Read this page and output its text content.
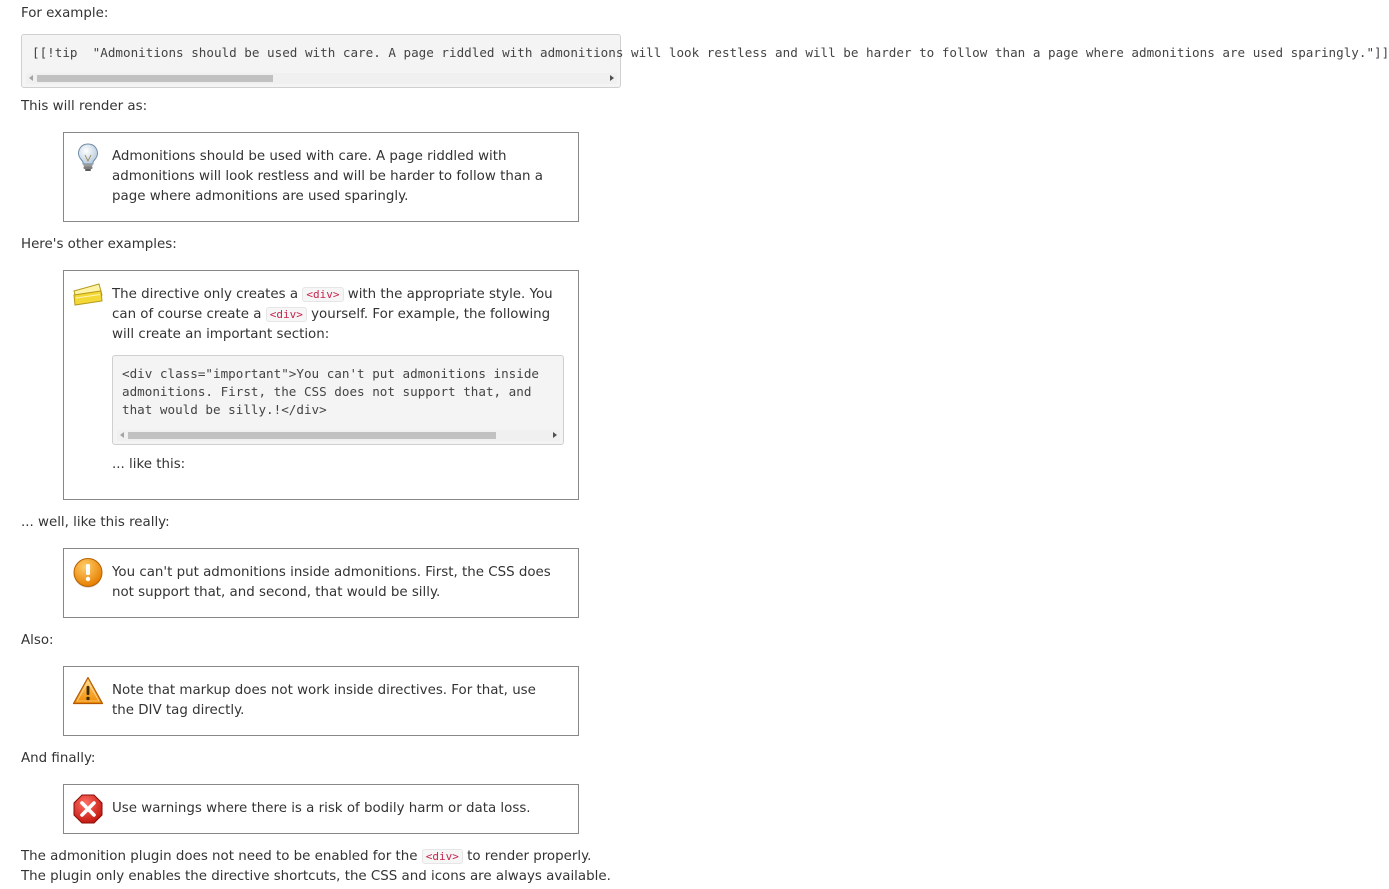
For example:

[[!tip  "Admonitions should be used with care. A page riddled with admonitions will look restless and will be harder to follow than a page where admonitions are used sparingly."]]

This will render as:

Admonitions should be used with care. A page riddled with admonitions will look restless and will be harder to follow than a page where admonitions are used sparingly.

Here's other examples:

The directive only creates a <div> with the appropriate style. You can of course create a <div> yourself. For example, the following will create an important section:
<div class="important">You can't put admonitions inside
admonitions. First, the CSS does not support that, and
that would be silly.!</div>
... like this:

... well, like this really:

You can't put admonitions inside admonitions. First, the CSS does not support that, and second, that would be silly.

Also:

Note that markup does not work inside directives. For that, use the DIV tag directly.

And finally:

Use warnings where there is a risk of bodily harm or data loss.
The admonition plugin does not need to be enabled for the <div> to render properly. The plugin only enables the directive shortcuts, the CSS and icons are always available.
